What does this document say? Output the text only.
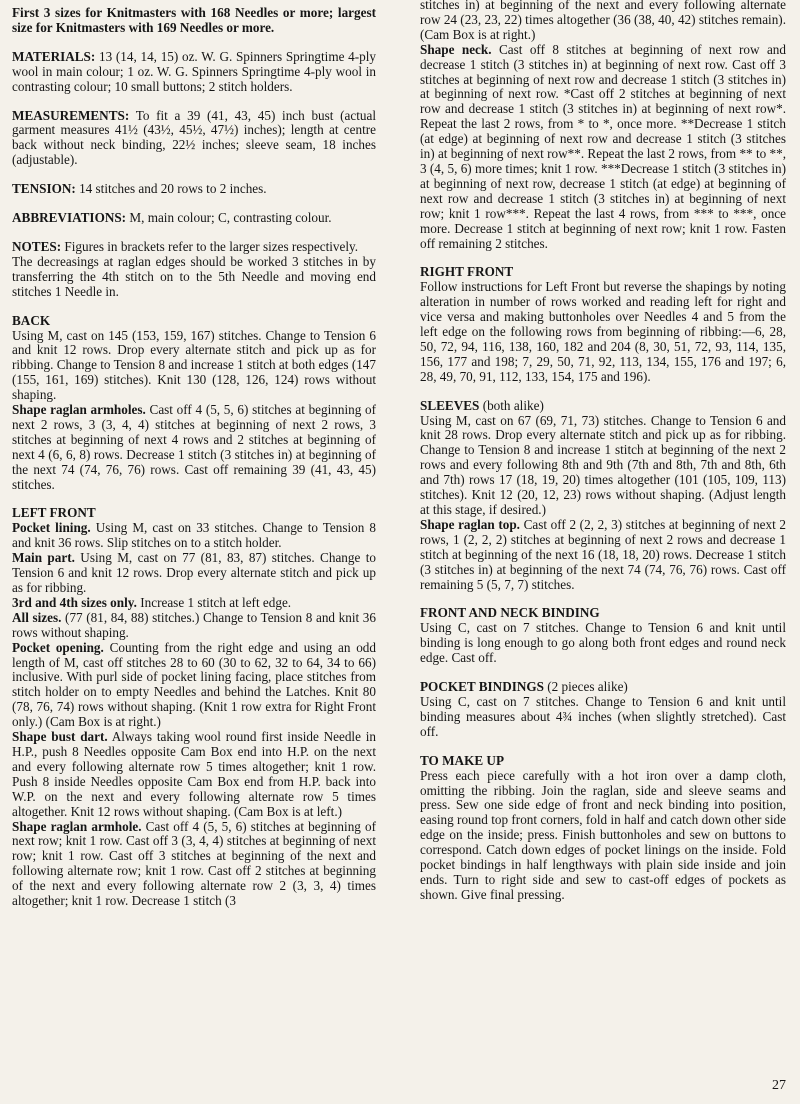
First 3 sizes for Knitmasters with 168 Needles or more; largest size for Knitmasters with 169 Needles or more.

MATERIALS: 13 (14, 14, 15) oz. W. G. Spinners Springtime 4-ply wool in main colour; 1 oz. W. G. Spinners Springtime 4-ply wool in contrasting colour; 10 small buttons; 2 stitch holders.

MEASUREMENTS: To fit a 39 (41, 43, 45) inch bust (actual garment measures 41½ (43½, 45½, 47½) inches); length at centre back without neck binding, 22½ inches; sleeve seam, 18 inches (adjustable).

TENSION: 14 stitches and 20 rows to 2 inches.

ABBREVIATIONS: M, main colour; C, contrasting colour.

NOTES: Figures in brackets refer to the larger sizes respectively.

The decreasings at raglan edges should be worked 3 stitches in by transferring the 4th stitch on to the 5th Needle and moving end stitches 1 Needle in.

BACK

Using M, cast on 145 (153, 159, 167) stitches. Change to Tension 6 and knit 12 rows. Drop every alternate stitch and pick up as for ribbing. Change to Tension 8 and increase 1 stitch at both edges (147 (155, 161, 169) stitches). Knit 130 (128, 126, 124) rows without shaping.

Shape raglan armholes. Cast off 4 (5, 5, 6) stitches at beginning of next 2 rows, 3 (3, 4, 4) stitches at beginning of next 2 rows, 3 stitches at beginning of next 4 rows and 2 stitches at beginning of next 4 (6, 6, 8) rows. Decrease 1 stitch (3 stitches in) at beginning of the next 74 (74, 76, 76) rows. Cast off remaining 39 (41, 43, 45) stitches.

LEFT FRONT

Pocket lining. Using M, cast on 33 stitches. Change to Tension 8 and knit 36 rows. Slip stitches on to a stitch holder.

Main part. Using M, cast on 77 (81, 83, 87) stitches. Change to Tension 6 and knit 12 rows. Drop every alternate stitch and pick up as for ribbing.

3rd and 4th sizes only. Increase 1 stitch at left edge.

All sizes. (77 (81, 84, 88) stitches.) Change to Tension 8 and knit 36 rows without shaping.

Pocket opening. Counting from the right edge and using an odd length of M, cast off stitches 28 to 60 (30 to 62, 32 to 64, 34 to 66) inclusive. With purl side of pocket lining facing, place stitches from stitch holder on to empty Needles and behind the Latches. Knit 80 (78, 76, 74) rows without shaping. (Knit 1 row extra for Right Front only.) (Cam Box is at right.)

Shape bust dart. Always taking wool round first inside Needle in H.P., push 8 Needles opposite Cam Box end into H.P. on the next and every following alternate row 5 times altogether; knit 1 row. Push 8 inside Needles opposite Cam Box end from H.P. back into W.P. on the next and every following alternate row 5 times altogether. Knit 12 rows without shaping. (Cam Box is at left.)

Shape raglan armhole. Cast off 4 (5, 5, 6) stitches at beginning of next row; knit 1 row. Cast off 3 (3, 4, 4) stitches at beginning of next row; knit 1 row. Cast off 3 stitches at beginning of the next and following alternate row; knit 1 row. Cast off 2 stitches at beginning of the next and every following alternate row 2 (3, 3, 4) times altogether; knit 1 row. Decrease 1 stitch (3

stitches in) at beginning of the next and every following alternate row 24 (23, 23, 22) times altogether (36 (38, 40, 42) stitches remain). (Cam Box is at right.)

Shape neck. Cast off 8 stitches at beginning of next row and decrease 1 stitch (3 stitches in) at beginning of next row. Cast off 3 stitches at beginning of next row and decrease 1 stitch (3 stitches in) at beginning of next row. *Cast off 2 stitches at beginning of next row and decrease 1 stitch (3 stitches in) at beginning of next row*. Repeat the last 2 rows, from * to *, once more. **Decrease 1 stitch (at edge) at beginning of next row and decrease 1 stitch (3 stitches in) at beginning of next row**. Repeat the last 2 rows, from ** to **, 3 (4, 5, 6) more times; knit 1 row. ***Decrease 1 stitch (3 stitches in) at beginning of next row, decrease 1 stitch (at edge) at beginning of next row and decrease 1 stitch (3 stitches in) at beginning of next row; knit 1 row***. Repeat the last 4 rows, from *** to ***, once more. Decrease 1 stitch at beginning of next row; knit 1 row. Fasten off remaining 2 stitches.

RIGHT FRONT

Follow instructions for Left Front but reverse the shapings by noting alteration in number of rows worked and reading left for right and vice versa and making buttonholes over Needles 4 and 5 from the left edge on the following rows from beginning of ribbing:—6, 28, 50, 72, 94, 116, 138, 160, 182 and 204 (8, 30, 51, 72, 93, 114, 135, 156, 177 and 198; 7, 29, 50, 71, 92, 113, 134, 155, 176 and 197; 6, 28, 49, 70, 91, 112, 133, 154, 175 and 196).

SLEEVES (both alike)

Using M, cast on 67 (69, 71, 73) stitches. Change to Tension 6 and knit 28 rows. Drop every alternate stitch and pick up as for ribbing. Change to Tension 8 and increase 1 stitch at beginning of the next 2 rows and every following 8th and 9th (7th and 8th, 7th and 8th, 6th and 7th) rows 17 (18, 19, 20) times altogether (101 (105, 109, 113) stitches). Knit 12 (20, 12, 23) rows without shaping. (Adjust length at this stage, if desired.)

Shape raglan top. Cast off 2 (2, 2, 3) stitches at beginning of next 2 rows, 1 (2, 2, 2) stitches at beginning of next 2 rows and decrease 1 stitch at beginning of the next 16 (18, 18, 20) rows. Decrease 1 stitch (3 stitches in) at beginning of the next 74 (74, 76, 76) rows. Cast off remaining 5 (5, 7, 7) stitches.

FRONT AND NECK BINDING

Using C, cast on 7 stitches. Change to Tension 6 and knit until binding is long enough to go along both front edges and round neck edge. Cast off.

POCKET BINDINGS (2 pieces alike)

Using C, cast on 7 stitches. Change to Tension 6 and knit until binding measures about 4¾ inches (when slightly stretched). Cast off.

TO MAKE UP

Press each piece carefully with a hot iron over a damp cloth, omitting the ribbing. Join the raglan, side and sleeve seams and press. Sew one side edge of front and neck binding into position, easing round top front corners, fold in half and catch down other side edge on the inside; press. Finish buttonholes and sew on buttons to correspond. Catch down edges of pocket linings on the inside. Fold pocket bindings in half lengthways with plain side inside and join ends. Turn to right side and sew to cast-off edges of pockets as shown. Give final pressing.

27
